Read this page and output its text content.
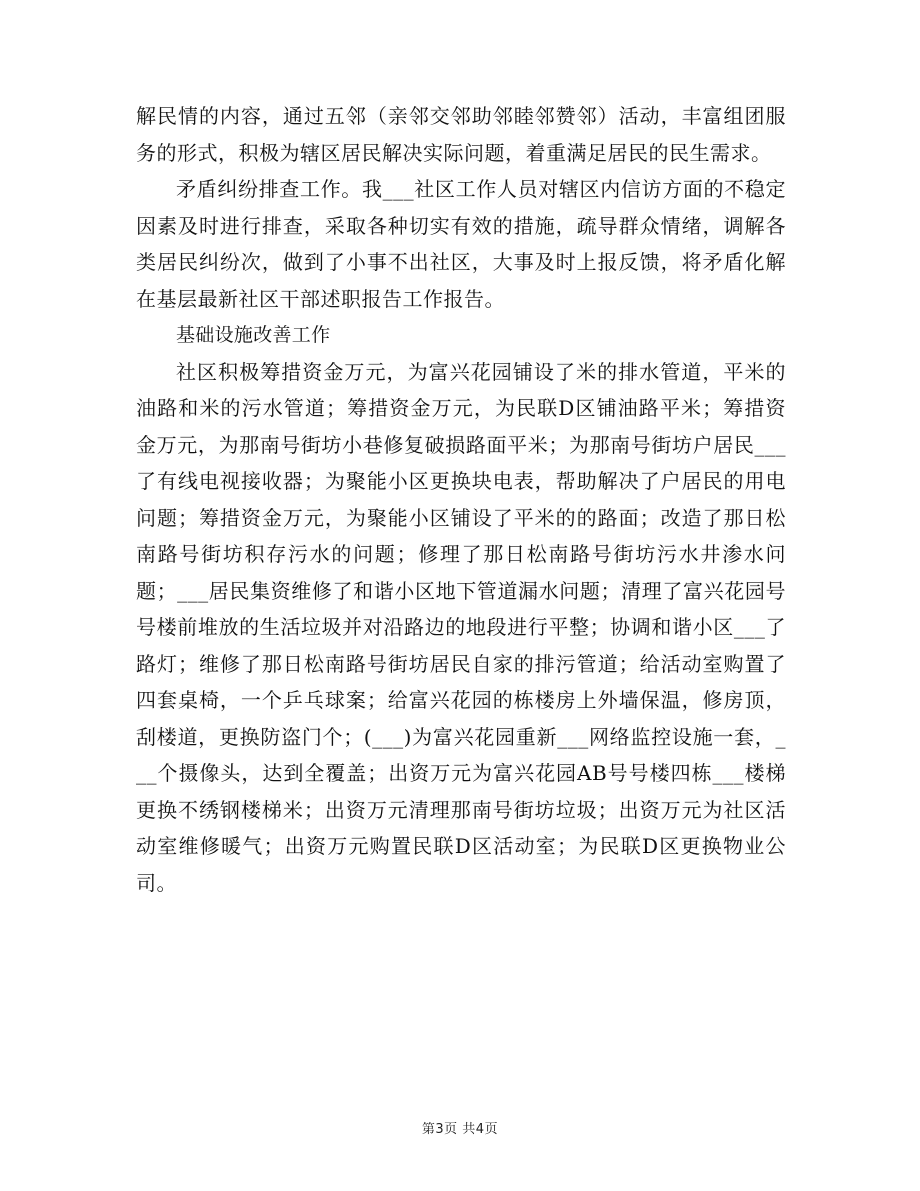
解民情的内容，通过五邻（亲邻交邻助邻睦邻赞邻）活动，丰富组团服务的形式，积极为辖区居民解决实际问题，着重满足居民的民生需求。

矛盾纠纷排查工作。我___社区工作人员对辖区内信访方面的不稳定因素及时进行排查，采取各种切实有效的措施，疏导群众情绪，调解各类居民纠纷次，做到了小事不出社区，大事及时上报反馈，将矛盾化解在基层最新社区干部述职报告工作报告。

基础设施改善工作

社区积极筹措资金万元，为富兴花园铺设了米的排水管道，平米的油路和米的污水管道；筹措资金万元，为民联D区铺油路平米；筹措资金万元，为那南号街坊小巷修复破损路面平米；为那南号街坊户居民___了有线电视接收器；为聚能小区更换块电表，帮助解决了户居民的用电问题；筹措资金万元，为聚能小区铺设了平米的的路面；改造了那日松南路号街坊积存污水的问题；修理了那日松南路号街坊污水井渗水问题；___居民集资维修了和谐小区地下管道漏水问题；清理了富兴花园号号楼前堆放的生活垃圾并对沿路边的地段进行平整；协调和谐小区___了路灯；维修了那日松南路号街坊居民自家的排污管道；给活动室购置了四套桌椅，一个乒乓球案；给富兴花园的栋楼房上外墙保温，修房顶，刮楼道，更换防盗门个；(___)为富兴花园重新___网络监控设施一套，___个摄像头，达到全覆盖；出资万元为富兴花园AB号号楼四栋___楼梯更换不绣钢楼梯米；出资万元清理那南号街坊垃圾；出资万元为社区活动室维修暖气；出资万元购置民联D区活动室；为民联D区更换物业公司。

第3页 共4页
